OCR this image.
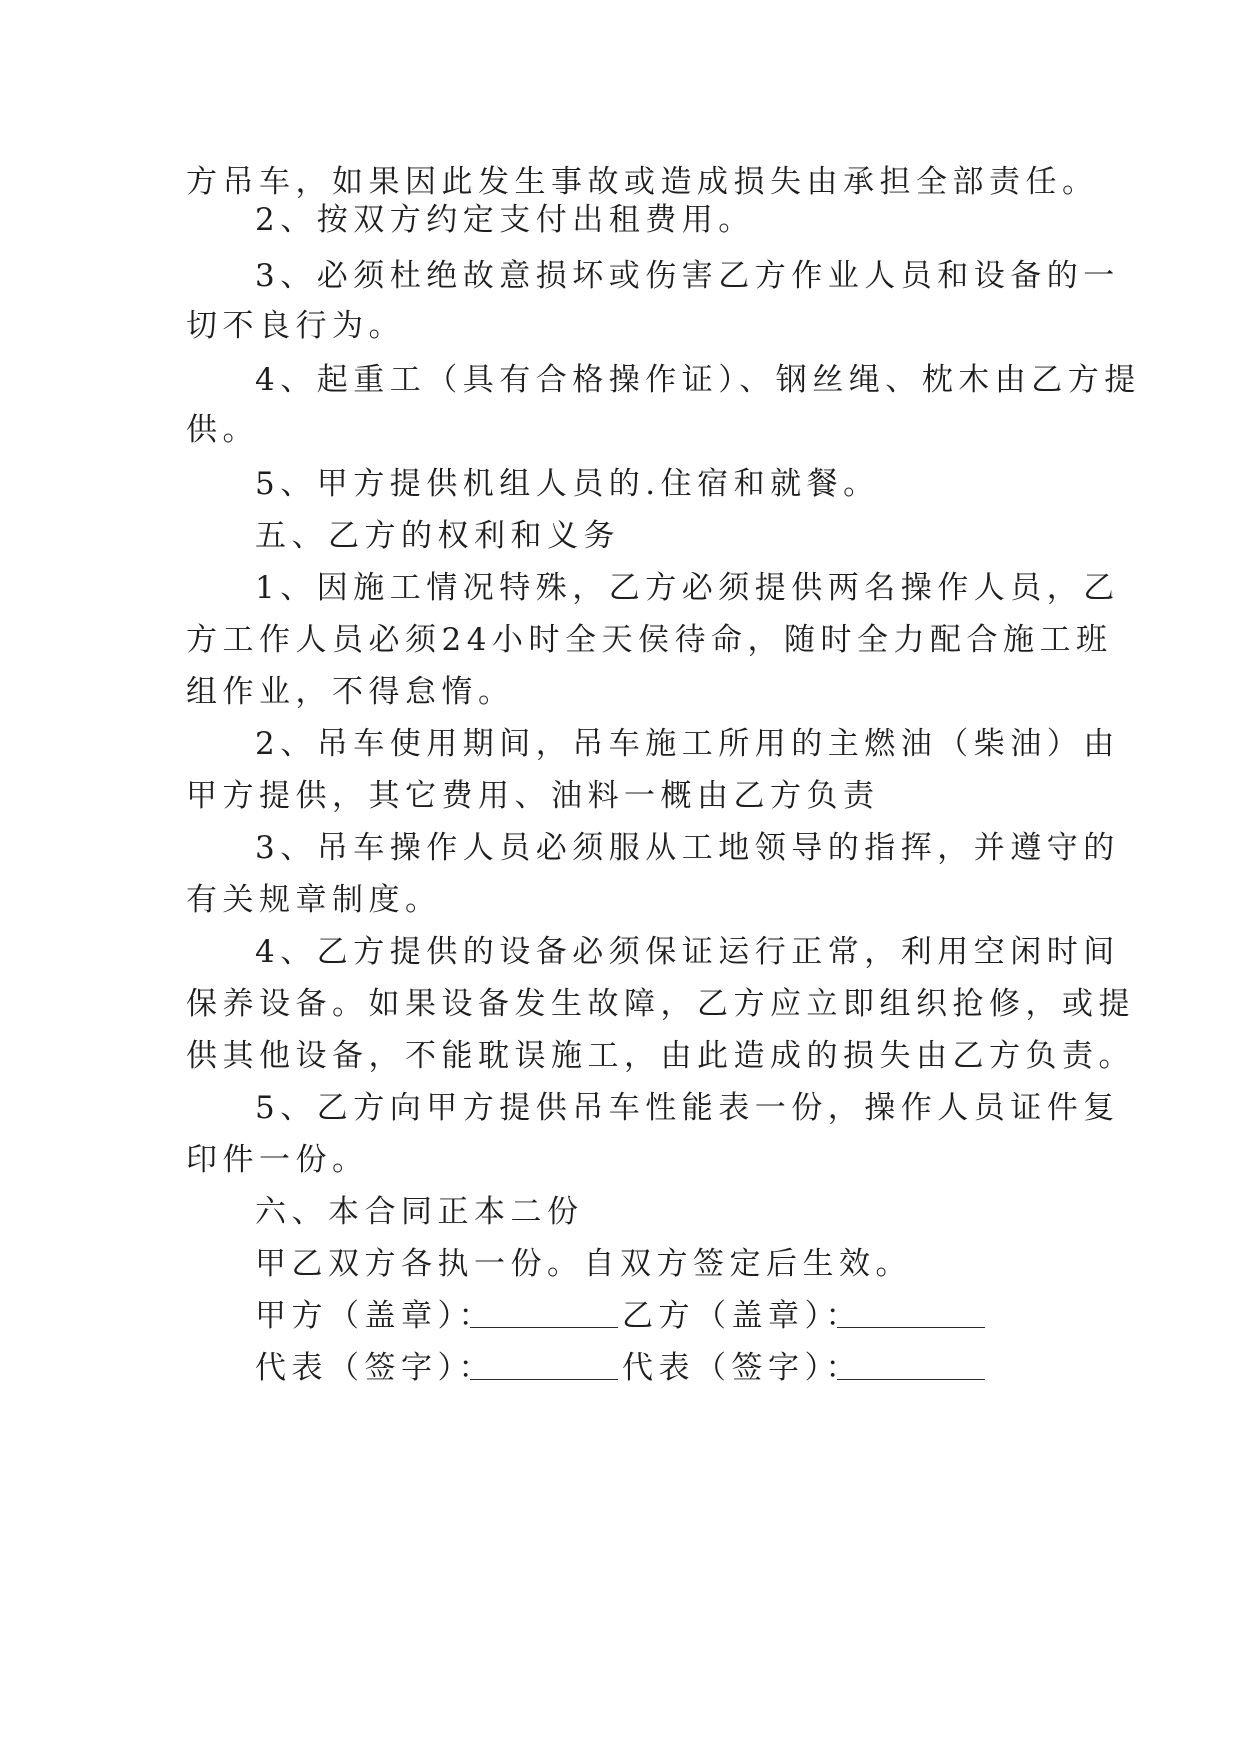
方吊车，如果因此发生事故或造成损失由承担全部责任。
2、按双方约定支付出租费用。
3、必须杜绝故意损坏或伤害乙方作业人员和设备的一
切不良行为。
4、起重工（具有合格操作证）、钢丝绳、枕木由乙方提
供。
5、甲方提供机组人员的.住宿和就餐。
五、乙方的权利和义务
1、因施工情况特殊，乙方必须提供两名操作人员，乙
方工作人员必须24小时全天侯待命，随时全力配合施工班
组作业，不得怠惰。
2、吊车使用期间，吊车施工所用的主燃油（柴油）由
甲方提供，其它费用、油料一概由乙方负责
3、吊车操作人员必须服从工地领导的指挥，并遵守的
有关规章制度。
4、乙方提供的设备必须保证运行正常，利用空闲时间
保养设备。如果设备发生故障，乙方应立即组织抢修，或提
供其他设备，不能耽误施工，由此造成的损失由乙方负责。
5、乙方向甲方提供吊车性能表一份，操作人员证件复
印件一份。
六、本合同正本二份
甲乙双方各执一份。自双方签定后生效。
甲方（盖章）：	乙方（盖章）：
代表（签字）：	代表（签字）：
